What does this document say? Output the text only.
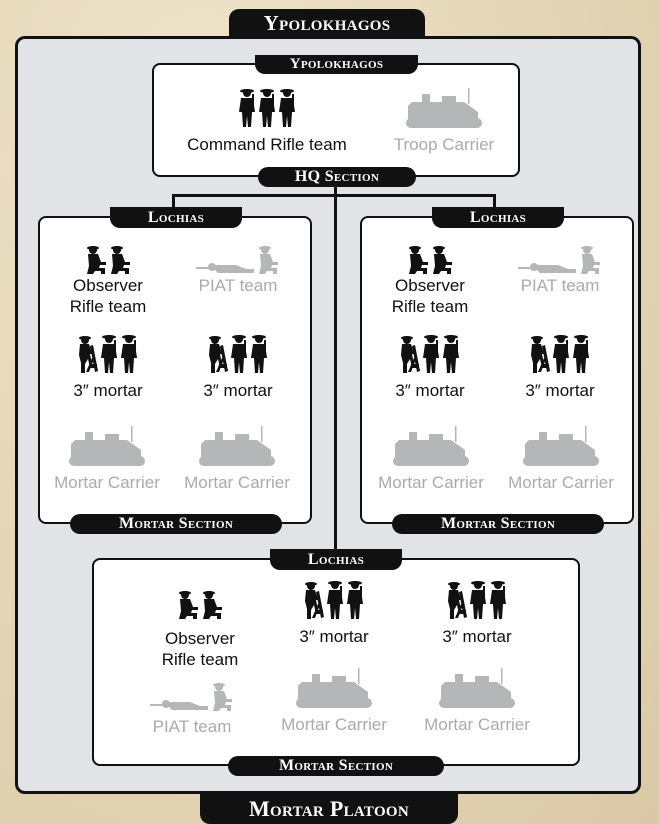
Ypolokhagos
Ypolokhagos
Command Rifle team	Troop Carrier
HQ Section
Lochias
Observer
Rifle team
PIAT team
3″ mortar	3″ mortar
Mortar Carrier	Mortar Carrier
Mortar Section
Lochias
Observer
Rifle team
PIAT team
3″ mortar	3″ mortar
Mortar Carrier	Mortar Carrier
Mortar Section
Lochias
Observer
Rifle team
3″ mortar	3″ mortar
PIAT team	Mortar Carrier	Mortar Carrier
Mortar Section
Mortar Platoon
